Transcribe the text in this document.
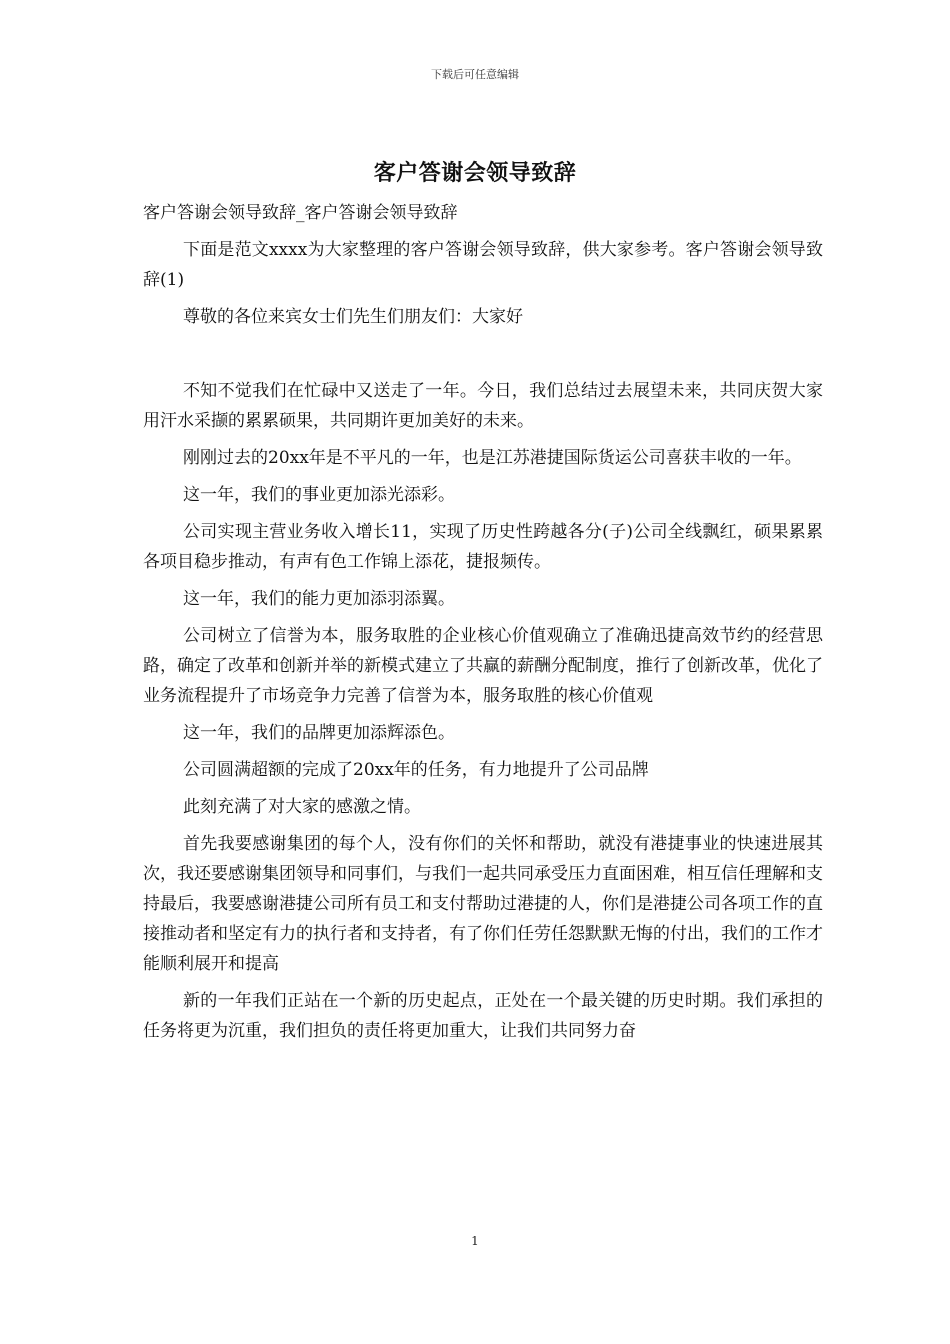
下载后可任意编辑
客户答谢会领导致辞

客户答谢会领导致辞_客户答谢会领导致辞

下面是范文xxxx为大家整理的客户答谢会领导致辞，供大家参考。客户答谢会领导致辞(1)

尊敬的各位来宾女士们先生们朋友们：大家好

不知不觉我们在忙碌中又送走了一年。今日，我们总结过去展望未来，共同庆贺大家用汗水采撷的累累硕果，共同期许更加美好的未来。

刚刚过去的20xx年是不平凡的一年，也是江苏港捷国际货运公司喜获丰收的一年。

这一年，我们的事业更加添光添彩。

公司实现主营业务收入增长11，实现了历史性跨越各分(子)公司全线飘红，硕果累累各项目稳步推动，有声有色工作锦上添花，捷报频传。

这一年，我们的能力更加添羽添翼。

公司树立了信誉为本，服务取胜的企业核心价值观确立了准确迅捷高效节约的经营思路，确定了改革和创新并举的新模式建立了共赢的薪酬分配制度，推行了创新改革，优化了业务流程提升了市场竞争力完善了信誉为本，服务取胜的核心价值观

这一年，我们的品牌更加添辉添色。

公司圆满超额的完成了20xx年的任务，有力地提升了公司品牌

此刻充满了对大家的感激之情。

首先我要感谢集团的每个人，没有你们的关怀和帮助，就没有港捷事业的快速进展其次，我还要感谢集团领导和同事们，与我们一起共同承受压力直面困难，相互信任理解和支持最后，我要感谢港捷公司所有员工和支付帮助过港捷的人，你们是港捷公司各项工作的直接推动者和坚定有力的执行者和支持者，有了你们任劳任怨默默无悔的付出，我们的工作才能顺利展开和提高

新的一年我们正站在一个新的历史起点，正处在一个最关键的历史时期。我们承担的任务将更为沉重，我们担负的责任将更加重大，让我们共同努力奋

1
